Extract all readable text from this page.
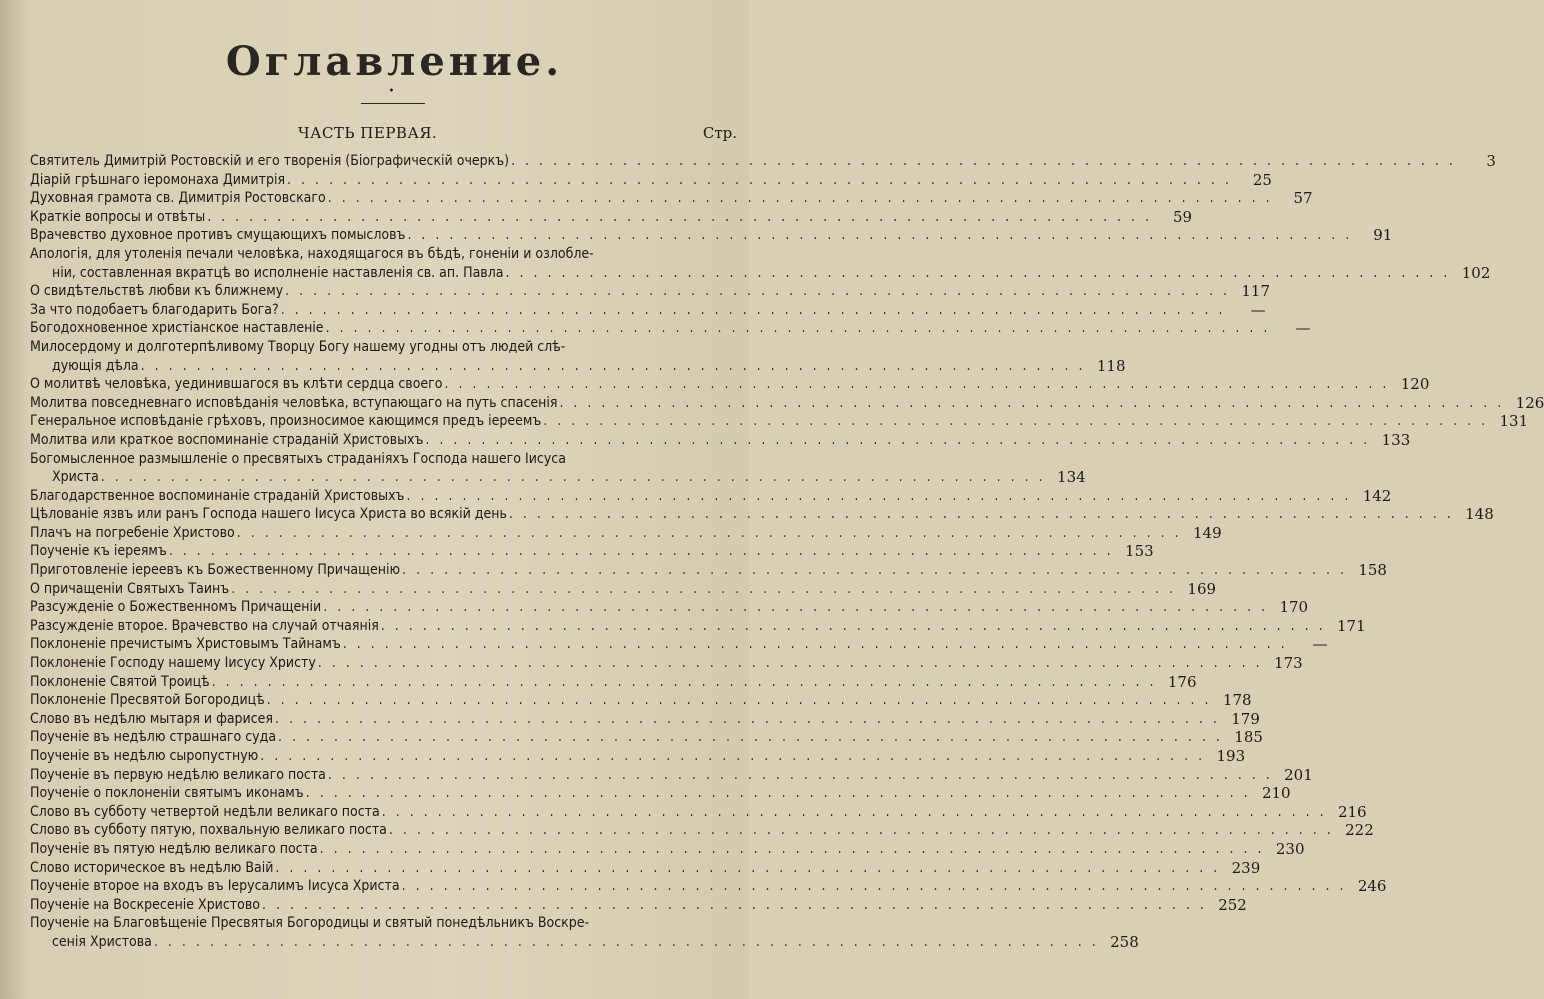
Оглавление.
•
ЧАСТЬ ПЕРВАЯ.	Стр.
Святитель Димитрій Ростовскій и его творенія (Біографическій очеркъ) . . . . . . . . . . . . . . . . . . . . . . . . . . . . . . . . . . . . . . . . . . . . . . . . . . . . . . . . . . . . . . . . . . . .	3
Діарій грѣшнаго іеромонаха Димитрія . . . . . . . . . . . . . . . . . . . . . . . . . . . . . . . . . . . . . . . . . . . . . . . . . . . . . . . . . . . . . . . . . . . .	25
Духовная грамота св. Димитрія Ростовскаго . . . . . . . . . . . . . . . . . . . . . . . . . . . . . . . . . . . . . . . . . . . . . . . . . . . . . . . . . . . . . . . . . . . .	57
Краткіе вопросы и отвѣты . . . . . . . . . . . . . . . . . . . . . . . . . . . . . . . . . . . . . . . . . . . . . . . . . . . . . . . . . . . . . . . . . . . .	59
Врачевство духовное противъ смущающихъ помысловъ . . . . . . . . . . . . . . . . . . . . . . . . . . . . . . . . . . . . . . . . . . . . . . . . . . . . . . . . . . . . . . . . . . . .	91
Апологія, для утоленія печали человѣка, находящагося въ бѣдѣ, гоненіи и озлобле-
ніи, составленная вкратцѣ во исполненіе наставленія св. ап. Павла . . . . . . . . . . . . . . . . . . . . . . . . . . . . . . . . . . . . . . . . . . . . . . . . . . . . . . . . . . . . . . . . . . . . 102
О свидѣтельствѣ любви къ ближнему . . . . . . . . . . . . . . . . . . . . . . . . . . . . . . . . . . . . . . . . . . . . . . . . . . . . . . . . . . . . . . . . . . . . 117
За что подобаетъ благодарить Бога? . . . . . . . . . . . . . . . . . . . . . . . . . . . . . . . . . . . . . . . . . . . . . . . . . . . . . . . . . . . . . . . . . . . .	—
Богодохновенное христіанское наставленіе . . . . . . . . . . . . . . . . . . . . . . . . . . . . . . . . . . . . . . . . . . . . . . . . . . . . . . . . . . . . . . . . . . . .	—
Милосердому и долготерпѣливому Творцу Богу нашему угодны отъ людей слѣ-
дующія дѣла . . . . . . . . . . . . . . . . . . . . . . . . . . . . . . . . . . . . . . . . . . . . . . . . . . . . . . . . . . . . . . . . . . . . 118
О молитвѣ человѣка, уединившагося въ клѣти сердца своего . . . . . . . . . . . . . . . . . . . . . . . . . . . . . . . . . . . . . . . . . . . . . . . . . . . . . . . . . . . . . . . . . . . . 120
Молитва повседневнаго исповѣданія человѣка, вступающаго на путь спасенія . . . . . . . . . . . . . . . . . . . . . . . . . . . . . . . . . . . . . . . . . . . . . . . . . . . . . . . . . . . . . . . . . . . . 126
Генеральное исповѣданіе грѣховъ, произносимое кающимся предъ іереемъ . . . . . . . . . . . . . . . . . . . . . . . . . . . . . . . . . . . . . . . . . . . . . . . . . . . . . . . . . . . . . . . . . . . . 131
Молитва или краткое воспоминаніе страданій Христовыхъ . . . . . . . . . . . . . . . . . . . . . . . . . . . . . . . . . . . . . . . . . . . . . . . . . . . . . . . . . . . . . . . . . . . . 133
Богомысленное размышленіе о пресвятыхъ страданіяхъ Господа нашего Іисуса
Христа . . . . . . . . . . . . . . . . . . . . . . . . . . . . . . . . . . . . . . . . . . . . . . . . . . . . . . . . . . . . . . . . . . . . 134
Благодарственное воспоминаніе страданій Христовыхъ . . . . . . . . . . . . . . . . . . . . . . . . . . . . . . . . . . . . . . . . . . . . . . . . . . . . . . . . . . . . . . . . . . . . 142
Цѣлованіе язвъ или ранъ Господа нашего Іисуса Христа во всякій день . . . . . . . . . . . . . . . . . . . . . . . . . . . . . . . . . . . . . . . . . . . . . . . . . . . . . . . . . . . . . . . . . . . . 148
Плачъ на погребеніе Христово . . . . . . . . . . . . . . . . . . . . . . . . . . . . . . . . . . . . . . . . . . . . . . . . . . . . . . . . . . . . . . . . . . . . 149
Поученіе къ іереямъ . . . . . . . . . . . . . . . . . . . . . . . . . . . . . . . . . . . . . . . . . . . . . . . . . . . . . . . . . . . . . . . . . . . . 153
Приготовленіе іереевъ къ Божественному Причащенію . . . . . . . . . . . . . . . . . . . . . . . . . . . . . . . . . . . . . . . . . . . . . . . . . . . . . . . . . . . . . . . . . . . . 158
О причащеніи Святыхъ Таинъ . . . . . . . . . . . . . . . . . . . . . . . . . . . . . . . . . . . . . . . . . . . . . . . . . . . . . . . . . . . . . . . . . . . . 169
Разсужденіе о Божественномъ Причащеніи . . . . . . . . . . . . . . . . . . . . . . . . . . . . . . . . . . . . . . . . . . . . . . . . . . . . . . . . . . . . . . . . . . . . 170
Разсужденіе второе. Врачевство на случай отчаянія . . . . . . . . . . . . . . . . . . . . . . . . . . . . . . . . . . . . . . . . . . . . . . . . . . . . . . . . . . . . . . . . . . . . 171
Поклоненіе пречистымъ Христовымъ Тайнамъ . . . . . . . . . . . . . . . . . . . . . . . . . . . . . . . . . . . . . . . . . . . . . . . . . . . . . . . . . . . . . . . . . . . .	—
Поклоненіе Господу нашему Іисусу Христу . . . . . . . . . . . . . . . . . . . . . . . . . . . . . . . . . . . . . . . . . . . . . . . . . . . . . . . . . . . . . . . . . . . . 173
Поклоненіе Святой Троицѣ . . . . . . . . . . . . . . . . . . . . . . . . . . . . . . . . . . . . . . . . . . . . . . . . . . . . . . . . . . . . . . . . . . . . 176
Поклоненіе Пресвятой Богородицѣ . . . . . . . . . . . . . . . . . . . . . . . . . . . . . . . . . . . . . . . . . . . . . . . . . . . . . . . . . . . . . . . . . . . . 178
Слово въ недѣлю мытаря и фарисея . . . . . . . . . . . . . . . . . . . . . . . . . . . . . . . . . . . . . . . . . . . . . . . . . . . . . . . . . . . . . . . . . . . . 179
Поученіе въ недѣлю страшнаго суда . . . . . . . . . . . . . . . . . . . . . . . . . . . . . . . . . . . . . . . . . . . . . . . . . . . . . . . . . . . . . . . . . . . . 185
Поученіе въ недѣлю сыропустную . . . . . . . . . . . . . . . . . . . . . . . . . . . . . . . . . . . . . . . . . . . . . . . . . . . . . . . . . . . . . . . . . . . . 193
Поученіе въ первую недѣлю великаго поста . . . . . . . . . . . . . . . . . . . . . . . . . . . . . . . . . . . . . . . . . . . . . . . . . . . . . . . . . . . . . . . . . . . . 201
Поученіе о поклоненіи святымъ иконамъ . . . . . . . . . . . . . . . . . . . . . . . . . . . . . . . . . . . . . . . . . . . . . . . . . . . . . . . . . . . . . . . . . . . . 210
Слово въ субботу четвертой недѣли великаго поста . . . . . . . . . . . . . . . . . . . . . . . . . . . . . . . . . . . . . . . . . . . . . . . . . . . . . . . . . . . . . . . . . . . . 216
Слово въ субботу пятую, похвальную великаго поста . . . . . . . . . . . . . . . . . . . . . . . . . . . . . . . . . . . . . . . . . . . . . . . . . . . . . . . . . . . . . . . . . . . . 222
Поученіе въ пятую недѣлю великаго поста . . . . . . . . . . . . . . . . . . . . . . . . . . . . . . . . . . . . . . . . . . . . . . . . . . . . . . . . . . . . . . . . . . . . 230
Слово историческое въ недѣлю Ваій . . . . . . . . . . . . . . . . . . . . . . . . . . . . . . . . . . . . . . . . . . . . . . . . . . . . . . . . . . . . . . . . . . . . 239
Поученіе второе на входъ въ Іерусалимъ Іисуса Христа . . . . . . . . . . . . . . . . . . . . . . . . . . . . . . . . . . . . . . . . . . . . . . . . . . . . . . . . . . . . . . . . . . . . 246
Поученіе на Воскресеніе Христово . . . . . . . . . . . . . . . . . . . . . . . . . . . . . . . . . . . . . . . . . . . . . . . . . . . . . . . . . . . . . . . . . . . . 252
Поученіе на Благовѣщеніе Пресвятыя Богородицы и святый понедѣльникъ Воскре-
сенія Христова . . . . . . . . . . . . . . . . . . . . . . . . . . . . . . . . . . . . . . . . . . . . . . . . . . . . . . . . . . . . . . . . . . . . 258
